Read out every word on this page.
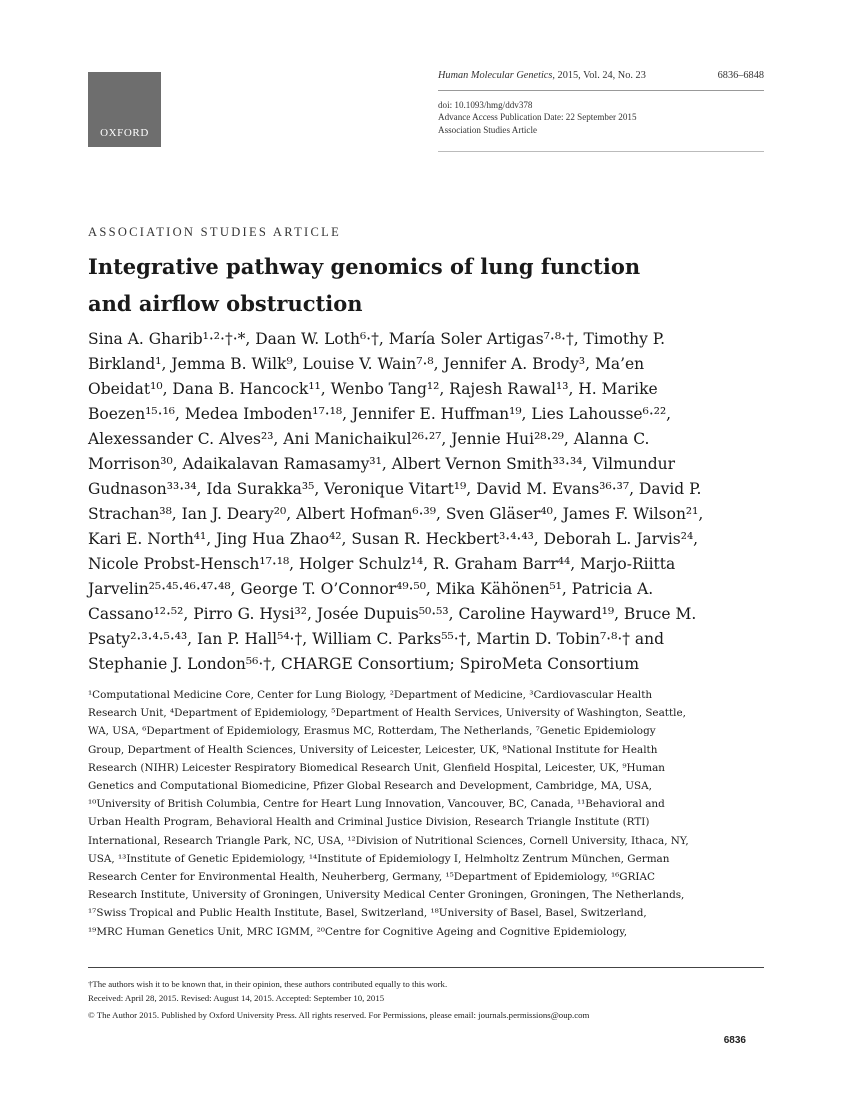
OXFORD
Human Molecular Genetics, 2015, Vol. 24, No. 23	6836–6848
doi: 10.1093/hmg/ddv378
Advance Access Publication Date: 22 September 2015
Association Studies Article
ASSOCIATION STUDIES ARTICLE
Integrative pathway genomics of lung function
and airflow obstruction
Sina A. Gharib¹·²·†·*, Daan W. Loth⁶·†, María Soler Artigas⁷·⁸·†, Timothy P.
Birkland¹, Jemma B. Wilk⁹, Louise V. Wain⁷·⁸, Jennifer A. Brody³, Ma’en
Obeidat¹⁰, Dana B. Hancock¹¹, Wenbo Tang¹², Rajesh Rawal¹³, H. Marike
Boezen¹⁵·¹⁶, Medea Imboden¹⁷·¹⁸, Jennifer E. Huffman¹⁹, Lies Lahousse⁶·²²,
Alexessander C. Alves²³, Ani Manichaikul²⁶·²⁷, Jennie Hui²⁸·²⁹, Alanna C.
Morrison³⁰, Adaikalavan Ramasamy³¹, Albert Vernon Smith³³·³⁴, Vilmundur
Gudnason³³·³⁴, Ida Surakka³⁵, Veronique Vitart¹⁹, David M. Evans³⁶·³⁷, David P.
Strachan³⁸, Ian J. Deary²⁰, Albert Hofman⁶·³⁹, Sven Gläser⁴⁰, James F. Wilson²¹,
Kari E. North⁴¹, Jing Hua Zhao⁴², Susan R. Heckbert³·⁴·⁴³, Deborah L. Jarvis²⁴,
Nicole Probst-Hensch¹⁷·¹⁸, Holger Schulz¹⁴, R. Graham Barr⁴⁴, Marjo-Riitta
Jarvelin²⁵·⁴⁵·⁴⁶·⁴⁷·⁴⁸, George T. O’Connor⁴⁹·⁵⁰, Mika Kähönen⁵¹, Patricia A.
Cassano¹²·⁵², Pirro G. Hysi³², Josée Dupuis⁵⁰·⁵³, Caroline Hayward¹⁹, Bruce M.
Psaty²·³·⁴·⁵·⁴³, Ian P. Hall⁵⁴·†, William C. Parks⁵⁵·†, Martin D. Tobin⁷·⁸·† and
Stephanie J. London⁵⁶·†, CHARGE Consortium; SpiroMeta Consortium
¹Computational Medicine Core, Center for Lung Biology, ²Department of Medicine, ³Cardiovascular Health
Research Unit, ⁴Department of Epidemiology, ⁵Department of Health Services, University of Washington, Seattle,
WA, USA, ⁶Department of Epidemiology, Erasmus MC, Rotterdam, The Netherlands, ⁷Genetic Epidemiology
Group, Department of Health Sciences, University of Leicester, Leicester, UK, ⁸National Institute for Health
Research (NIHR) Leicester Respiratory Biomedical Research Unit, Glenfield Hospital, Leicester, UK, ⁹Human
Genetics and Computational Biomedicine, Pfizer Global Research and Development, Cambridge, MA, USA,
¹⁰University of British Columbia, Centre for Heart Lung Innovation, Vancouver, BC, Canada, ¹¹Behavioral and
Urban Health Program, Behavioral Health and Criminal Justice Division, Research Triangle Institute (RTI)
International, Research Triangle Park, NC, USA, ¹²Division of Nutritional Sciences, Cornell University, Ithaca, NY,
USA, ¹³Institute of Genetic Epidemiology, ¹⁴Institute of Epidemiology I, Helmholtz Zentrum München, German
Research Center for Environmental Health, Neuherberg, Germany, ¹⁵Department of Epidemiology, ¹⁶GRIAC
Research Institute, University of Groningen, University Medical Center Groningen, Groningen, The Netherlands,
¹⁷Swiss Tropical and Public Health Institute, Basel, Switzerland, ¹⁸University of Basel, Basel, Switzerland,
¹⁹MRC Human Genetics Unit, MRC IGMM, ²⁰Centre for Cognitive Ageing and Cognitive Epidemiology,
†The authors wish it to be known that, in their opinion, these authors contributed equally to this work.
Received: April 28, 2015. Revised: August 14, 2015. Accepted: September 10, 2015
© The Author 2015. Published by Oxford University Press. All rights reserved. For Permissions, please email: journals.permissions@oup.com
6836
